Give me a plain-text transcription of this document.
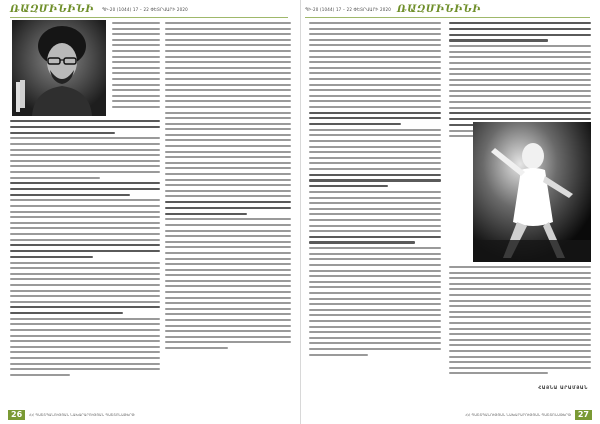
ՌԱԶՄԻՆԻՆԻ ՊԻ-20 (1044) 17 – 22 ՓԵՏՐՎԱՐԻ 2020
26	ՀՀ ՊԱՇՏՊԱՆՈՒԹՅԱՆ ՆԱԽԱՐԱՐՈՒԹՅԱՆ ՊԱՇՏՈՆԱԹԵՐԹ
ՊԻ-20 (1044) 17 – 22 ՓԵՏՐՎԱՐԻ 2020 ՌԱԶՄԻՆԻՆԻ
ՀԱՅՆԱ ԱՐԱՄՅԱՆ
27
ՀՀ ՊԱՇՏՊԱՆՈՒԹՅԱՆ ՆԱԽԱՐԱՐՈՒԹՅԱՆ ՊԱՇՏՈՆԱԹԵՐԹ
